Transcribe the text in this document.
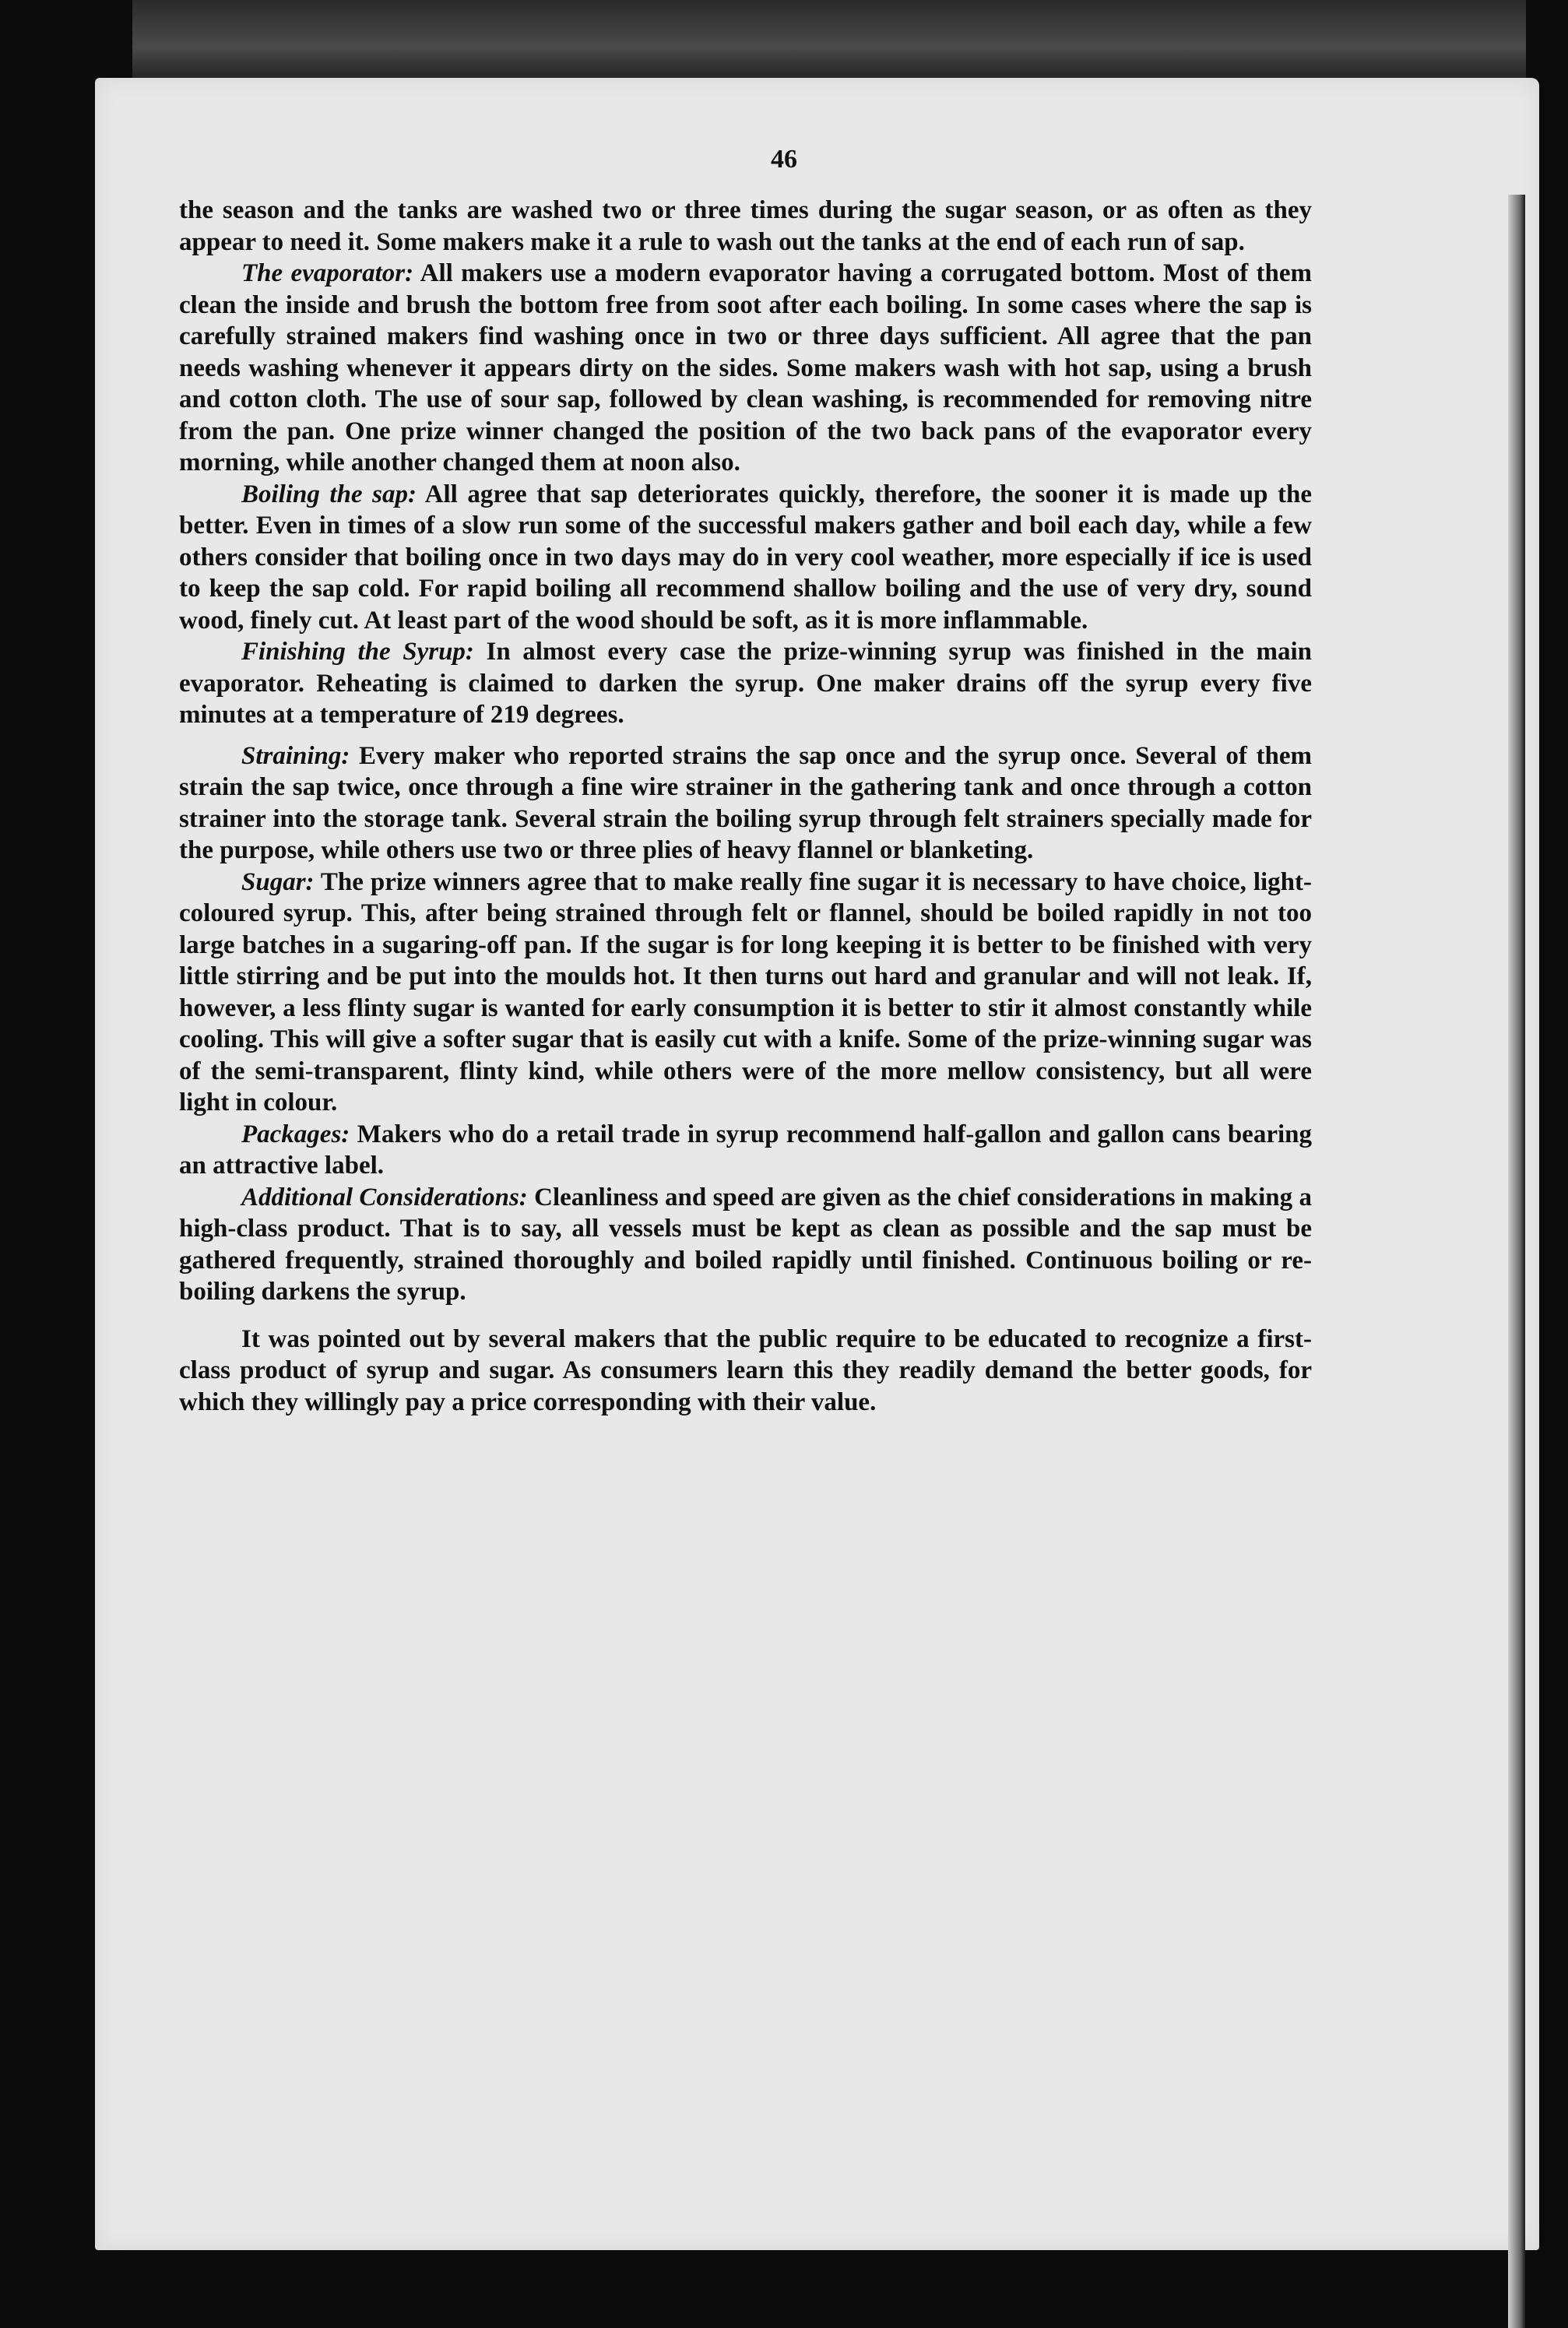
46

the season and the tanks are washed two or three times during the sugar season, or as often as they appear to need it. Some makers make it a rule to wash out the tanks at the end of each run of sap.

The evaporator: All makers use a modern evaporator having a corrugated bottom. Most of them clean the inside and brush the bottom free from soot after each boiling. In some cases where the sap is carefully strained makers find washing once in two or three days sufficient. All agree that the pan needs washing whenever it appears dirty on the sides. Some makers wash with hot sap, using a brush and cotton cloth. The use of sour sap, followed by clean washing, is recommended for removing nitre from the pan. One prize winner changed the position of the two back pans of the evaporator every morning, while another changed them at noon also.

Boiling the sap: All agree that sap deteriorates quickly, therefore, the sooner it is made up the better. Even in times of a slow run some of the successful makers gather and boil each day, while a few others consider that boiling once in two days may do in very cool weather, more especially if ice is used to keep the sap cold. For rapid boiling all recommend shallow boiling and the use of very dry, sound wood, finely cut. At least part of the wood should be soft, as it is more inflammable.

Finishing the Syrup: In almost every case the prize-winning syrup was finished in the main evaporator. Reheating is claimed to darken the syrup. One maker drains off the syrup every five minutes at a temperature of 219 degrees.

Straining: Every maker who reported strains the sap once and the syrup once. Several of them strain the sap twice, once through a fine wire strainer in the gathering tank and once through a cotton strainer into the storage tank. Several strain the boiling syrup through felt strainers specially made for the purpose, while others use two or three plies of heavy flannel or blanketing.

Sugar: The prize winners agree that to make really fine sugar it is necessary to have choice, light-coloured syrup. This, after being strained through felt or flannel, should be boiled rapidly in not too large batches in a sugaring-off pan. If the sugar is for long keeping it is better to be finished with very little stirring and be put into the moulds hot. It then turns out hard and granular and will not leak. If, however, a less flinty sugar is wanted for early consumption it is better to stir it almost constantly while cooling. This will give a softer sugar that is easily cut with a knife. Some of the prize-winning sugar was of the semi-transparent, flinty kind, while others were of the more mellow consistency, but all were light in colour.

Packages: Makers who do a retail trade in syrup recommend half-gallon and gallon cans bearing an attractive label.

Additional Considerations: Cleanliness and speed are given as the chief considerations in making a high-class product. That is to say, all vessels must be kept as clean as possible and the sap must be gathered frequently, strained thoroughly and boiled rapidly until finished. Continuous boiling or re-boiling darkens the syrup.

It was pointed out by several makers that the public require to be educated to recognize a first-class product of syrup and sugar. As consumers learn this they readily demand the better goods, for which they willingly pay a price corresponding with their value.
